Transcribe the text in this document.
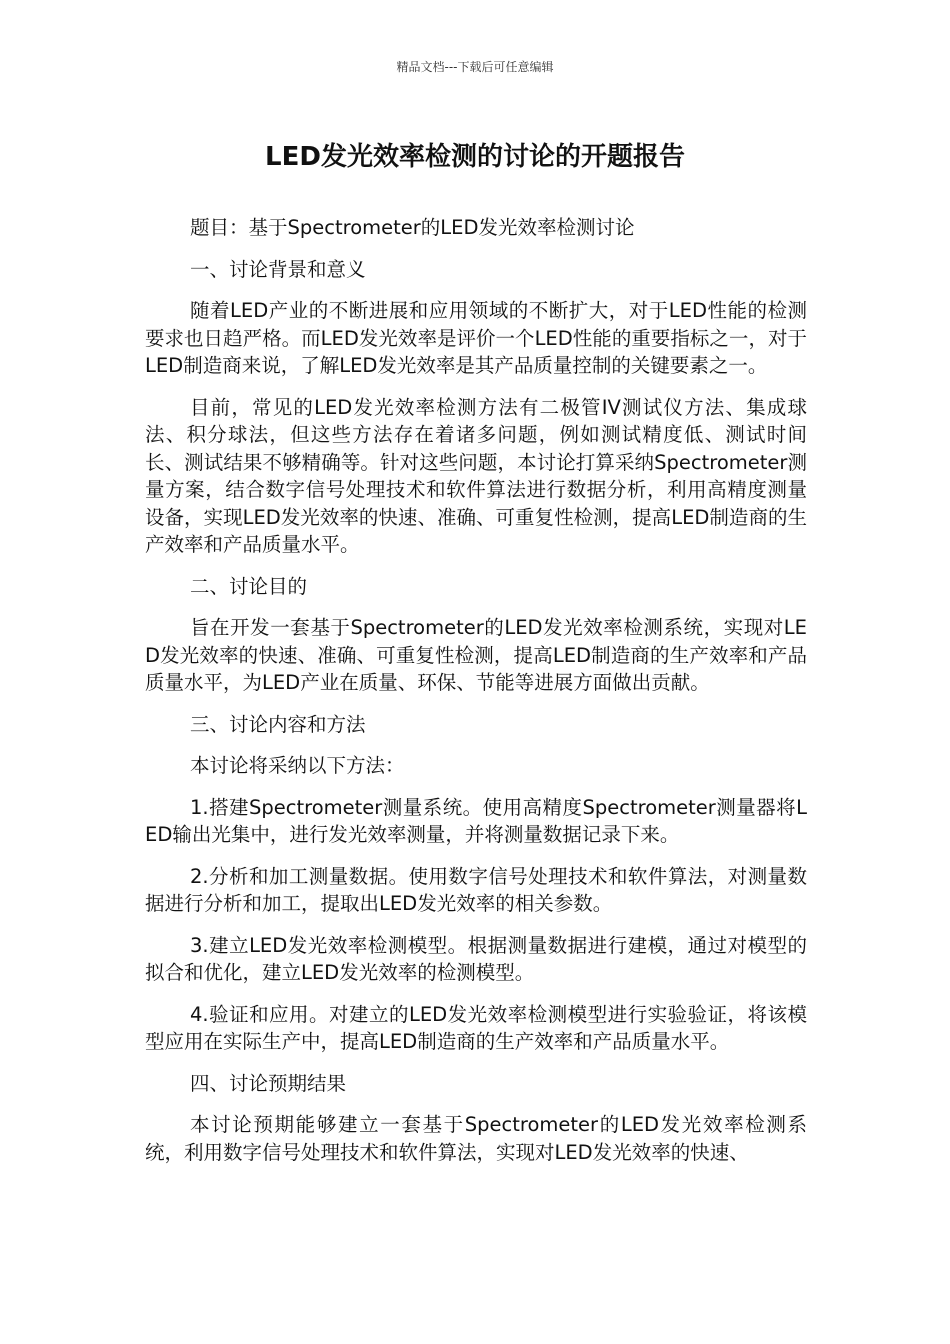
精品文档---下载后可任意编辑
LED发光效率检测的讨论的开题报告

题目：基于Spectrometer的LED发光效率检测讨论

一、讨论背景和意义

随着LED产业的不断进展和应用领域的不断扩大，对于LED性能的检测要求也日趋严格。而LED发光效率是评价一个LED性能的重要指标之一，对于LED制造商来说，了解LED发光效率是其产品质量控制的关键要素之一。

目前，常见的LED发光效率检测方法有二极管IV测试仪方法、集成球法、积分球法，但这些方法存在着诸多问题，例如测试精度低、测试时间长、测试结果不够精确等。针对这些问题，本讨论打算采纳Spectrometer测量方案，结合数字信号处理技术和软件算法进行数据分析，利用高精度测量设备，实现LED发光效率的快速、准确、可重复性检测，提高LED制造商的生产效率和产品质量水平。

二、讨论目的

旨在开发一套基于Spectrometer的LED发光效率检测系统，实现对LED发光效率的快速、准确、可重复性检测，提高LED制造商的生产效率和产品质量水平，为LED产业在质量、环保、节能等进展方面做出贡献。

三、讨论内容和方法

本讨论将采纳以下方法：

1.搭建Spectrometer测量系统。使用高精度Spectrometer测量器将LED输出光集中，进行发光效率测量，并将测量数据记录下来。

2.分析和加工测量数据。使用数字信号处理技术和软件算法，对测量数据进行分析和加工，提取出LED发光效率的相关参数。

3.建立LED发光效率检测模型。根据测量数据进行建模，通过对模型的拟合和优化，建立LED发光效率的检测模型。

4.验证和应用。对建立的LED发光效率检测模型进行实验验证，将该模型应用在实际生产中，提高LED制造商的生产效率和产品质量水平。

四、讨论预期结果

本讨论预期能够建立一套基于Spectrometer的LED发光效率检测系统，利用数字信号处理技术和软件算法，实现对LED发光效率的快速、
